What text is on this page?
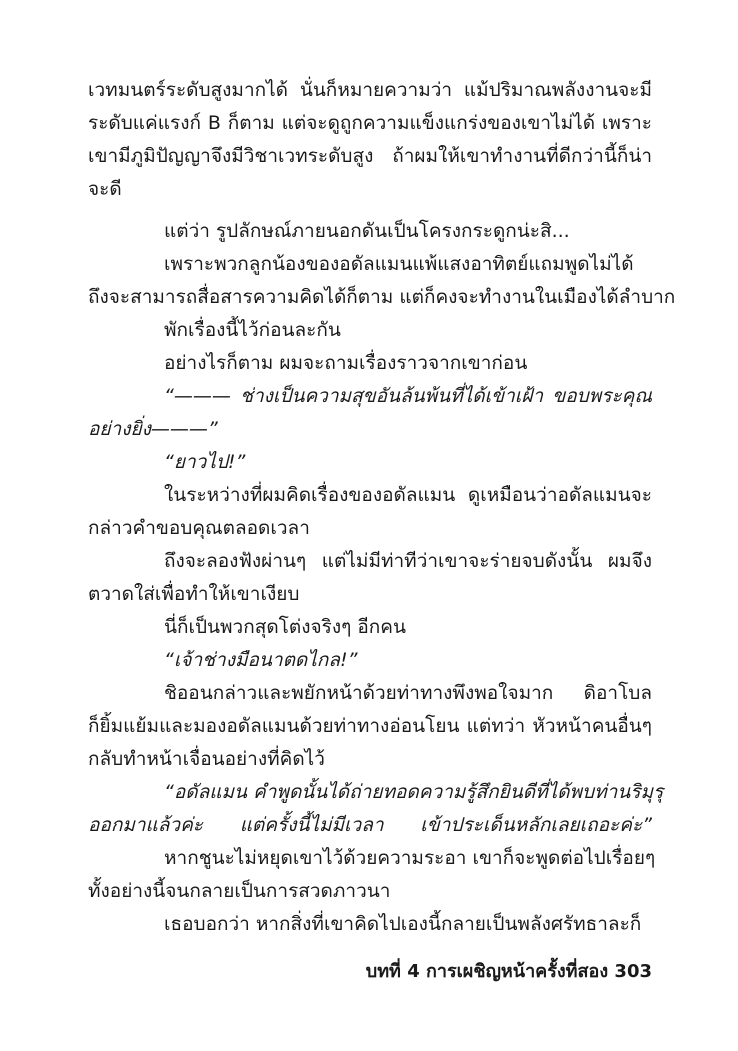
เวทมนตร์ระดับสูงมากได้ นั่นก็หมายความว่า แม้ปริมาณพลังงานจะมี
ระดับแค่แรงก์ B ก็ตาม แต่จะดูถูกความแข็งแกร่งของเขาไม่ได้ เพราะ
เขามีภูมิปัญญาจึงมีวิชาเวทระดับสูง ถ้าผมให้เขาทำงานที่ดีกว่านี้ก็น่า
จะดี
แต่ว่า รูปลักษณ์ภายนอกดันเป็นโครงกระดูกน่ะสิ...
เพราะพวกลูกน้องของอดัลแมนแพ้แสงอาทิตย์แถมพูดไม่ได้
ถึงจะสามารถสื่อสารความคิดได้ก็ตาม แต่ก็คงจะทำงานในเมืองได้ลำบาก
พักเรื่องนี้ไว้ก่อนละกัน
อย่างไรก็ตาม ผมจะถามเรื่องราวจากเขาก่อน
“——— ช่างเป็นความสุขอันล้นพ้นที่ได้เข้าเฝ้า ขอบพระคุณ
อย่างยิ่ง———”
“ยาวไป!”
ในระหว่างที่ผมคิดเรื่องของอดัลแมน ดูเหมือนว่าอดัลแมนจะ
กล่าวคำขอบคุณตลอดเวลา
ถึงจะลองฟังผ่านๆ แต่ไม่มีท่าทีว่าเขาจะร่ายจบดังนั้น ผมจึง
ตวาดใส่เพื่อทำให้เขาเงียบ
นี่ก็เป็นพวกสุดโต่งจริงๆ อีกคน
“เจ้าช่างมือนาตดไกล!”
ชิออนกล่าวและพยักหน้าด้วยท่าทางพึงพอใจมาก ดิอาโบล
ก็ยิ้มแย้มและมองอดัลแมนด้วยท่าทางอ่อนโยน แต่ทว่า หัวหน้าคนอื่นๆ
กลับทำหน้าเจื่อนอย่างที่คิดไว้
“อดัลแมน คำพูดนั้นได้ถ่ายทอดความรู้สึกยินดีที่ได้พบท่านริมุรุ
ออกมาแล้วค่ะ แต่ครั้งนี้ไม่มีเวลา เข้าประเด็นหลักเลยเถอะค่ะ”
หากชูนะไม่หยุดเขาไว้ด้วยความระอา เขาก็จะพูดต่อไปเรื่อยๆ
ทั้งอย่างนี้จนกลายเป็นการสวดภาวนา
เธอบอกว่า หากสิ่งที่เขาคิดไปเองนี้กลายเป็นพลังศรัทธาละก็
บทที่ 4 การเผชิญหน้าครั้งที่สอง 303
